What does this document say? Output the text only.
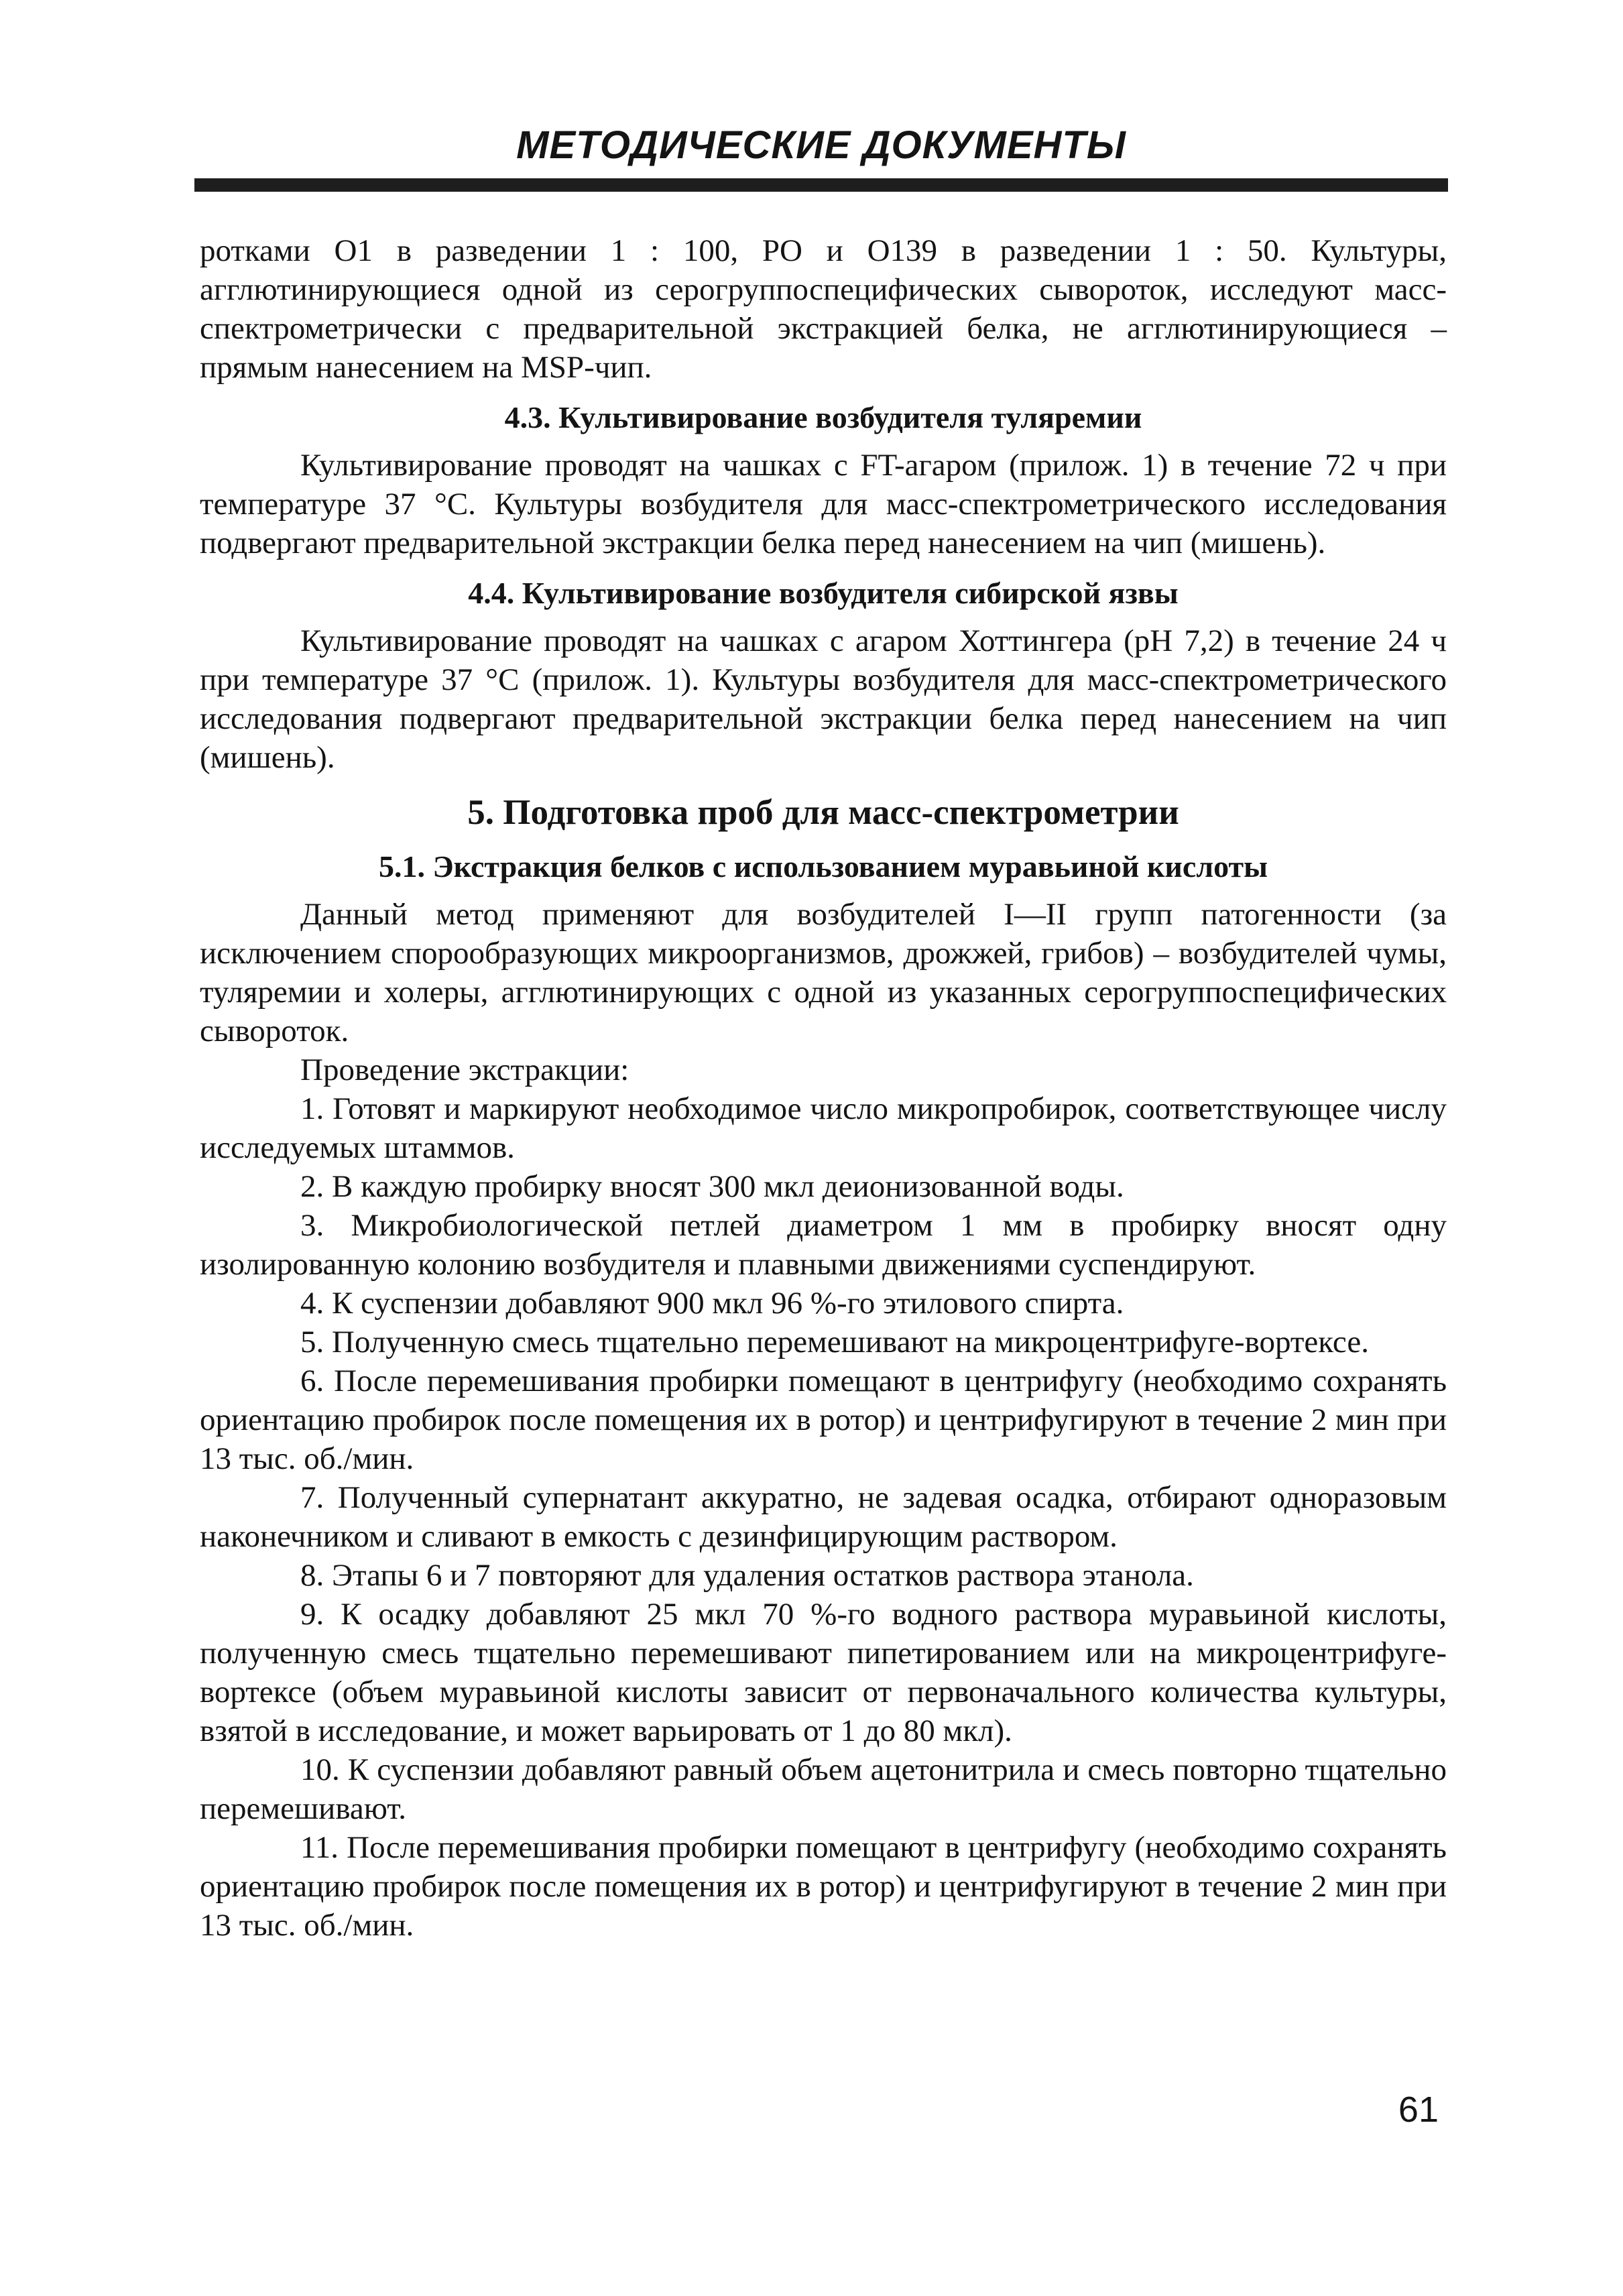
МЕТОДИЧЕСКИЕ ДОКУМЕНТЫ

ротками O1 в разведении 1 : 100, PO и O139 в разведении 1 : 50. Культуры, агглютинирующиеся одной из серогруппоспецифических сывороток, исследуют масс-спектрометрически с предварительной экстракцией белка, не агглютинирующиеся – прямым нанесением на MSP-чип.

4.3. Культивирование возбудителя туляремии

Культивирование проводят на чашках с FT-агаром (прилож. 1) в течение 72 ч при температуре 37 °С. Культуры возбудителя для масс-спектрометрического исследования подвергают предварительной экстракции белка перед нанесением на чип (мишень).

4.4. Культивирование возбудителя сибирской язвы

Культивирование проводят на чашках с агаром Хоттингера (рН 7,2) в течение 24 ч при температуре 37 °С (прилож. 1). Культуры возбудителя для масс-спектрометрического исследования подвергают предварительной экстракции белка перед нанесением на чип (мишень).

5. Подготовка проб для масс-спектрометрии
5.1. Экстракция белков с использованием муравьиной кислоты

Данный метод применяют для возбудителей I—II групп патогенности (за исключением спорообразующих микроорганизмов, дрожжей, грибов) – возбудителей чумы, туляремии и холеры, агглютинирующих с одной из указанных серогруппоспецифических сывороток.

Проведение экстракции:

1. Готовят и маркируют необходимое число микропробирок, соответствующее числу исследуемых штаммов.

2. В каждую пробирку вносят 300 мкл деионизованной воды.

3. Микробиологической петлей диаметром 1 мм в пробирку вносят одну изолированную колонию возбудителя и плавными движениями суспендируют.

4. К суспензии добавляют 900 мкл 96 %-го этилового спирта.

5. Полученную смесь тщательно перемешивают на микроцентрифуге-вортексе.

6. После перемешивания пробирки помещают в центрифугу (необходимо сохранять ориентацию пробирок после помещения их в ротор) и центрифугируют в течение 2 мин при 13 тыс. об./мин.

7. Полученный супернатант аккуратно, не задевая осадка, отбирают одноразовым наконечником и сливают в емкость с дезинфицирующим раствором.

8. Этапы 6 и 7 повторяют для удаления остатков раствора этанола.

9. К осадку добавляют 25 мкл 70 %-го водного раствора муравьиной кислоты, полученную смесь тщательно перемешивают пипетированием или на микроцентрифуге-вортексе (объем муравьиной кислоты зависит от первоначального количества культуры, взятой в исследование, и может варьировать от 1 до 80 мкл).

10. К суспензии добавляют равный объем ацетонитрила и смесь повторно тщательно перемешивают.

11. После перемешивания пробирки помещают в центрифугу (необходимо сохранять ориентацию пробирок после помещения их в ротор) и центрифугируют в течение 2 мин при 13 тыс. об./мин.

61
